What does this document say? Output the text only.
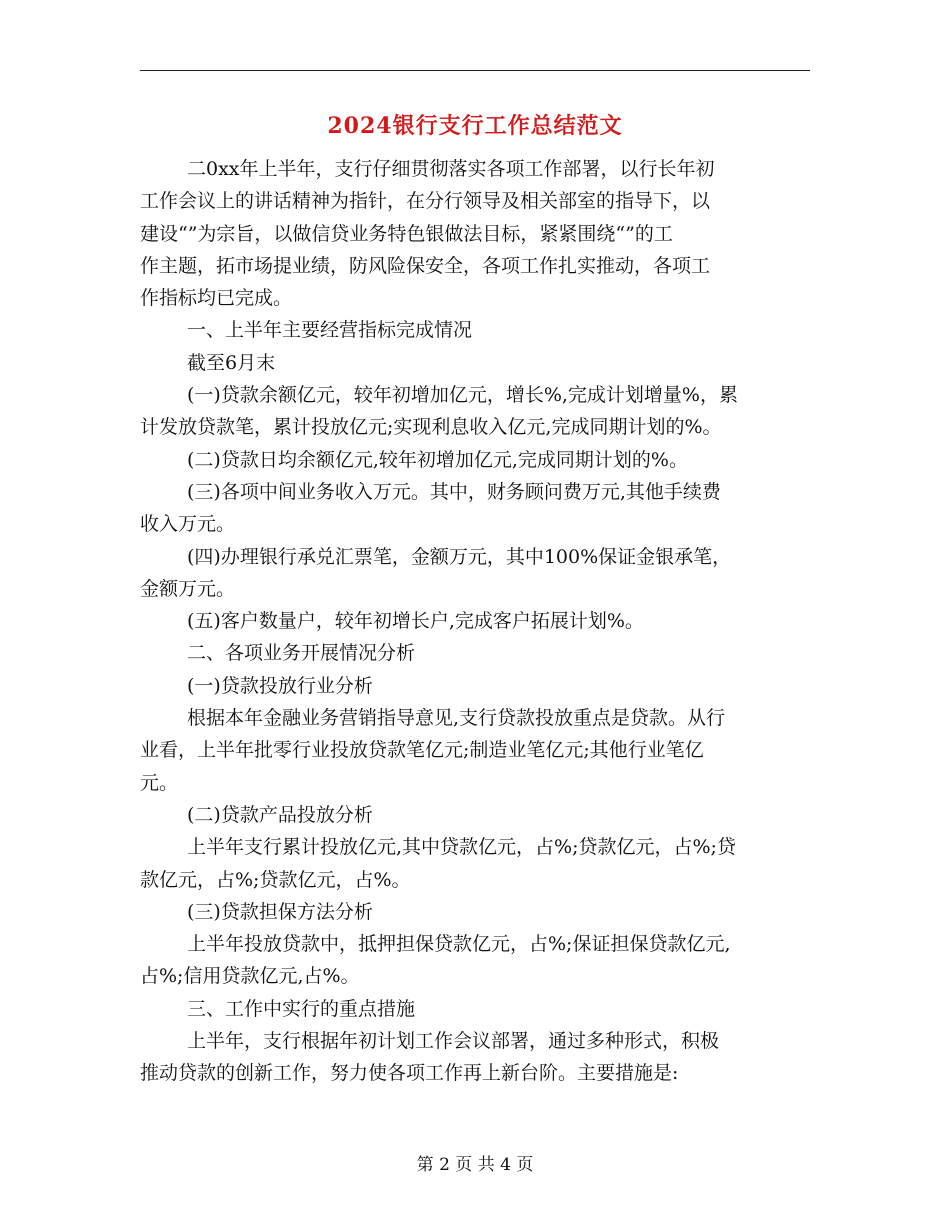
2024银行支行工作总结范文
二0xx年上半年，支行仔细贯彻落实各项工作部署，以行长年初
工作会议上的讲话精神为指针，在分行领导及相关部室的指导下，以
建设“”为宗旨，以做信贷业务特色银做法目标，紧紧围绕“”的工
作主题，拓市场提业绩，防风险保安全，各项工作扎实推动，各项工
作指标均已完成。
一、上半年主要经营指标完成情况
截至6月末
(一)贷款余额亿元，较年初增加亿元，增长%,完成计划增量%，累
计发放贷款笔，累计投放亿元;实现利息收入亿元,完成同期计划的%。
(二)贷款日均余额亿元,较年初增加亿元,完成同期计划的%。
(三)各项中间业务收入万元。其中，财务顾问费万元,其他手续费
收入万元。
(四)办理银行承兑汇票笔，金额万元，其中100%保证金银承笔，
金额万元。
(五)客户数量户，较年初增长户,完成客户拓展计划%。
二、各项业务开展情况分析
(一)贷款投放行业分析
根据本年金融业务营销指导意见,支行贷款投放重点是贷款。从行
业看，上半年批零行业投放贷款笔亿元;制造业笔亿元;其他行业笔亿
元。
(二)贷款产品投放分析
上半年支行累计投放亿元,其中贷款亿元，占%;贷款亿元，占%;贷
款亿元，占%;贷款亿元，占%。
(三)贷款担保方法分析
上半年投放贷款中，抵押担保贷款亿元，占%;保证担保贷款亿元,
占%;信用贷款亿元,占%。
三、工作中实行的重点措施
上半年，支行根据年初计划工作会议部署，通过多种形式，积极
推动贷款的创新工作，努力使各项工作再上新台阶。主要措施是:
第 2 页 共 4 页
